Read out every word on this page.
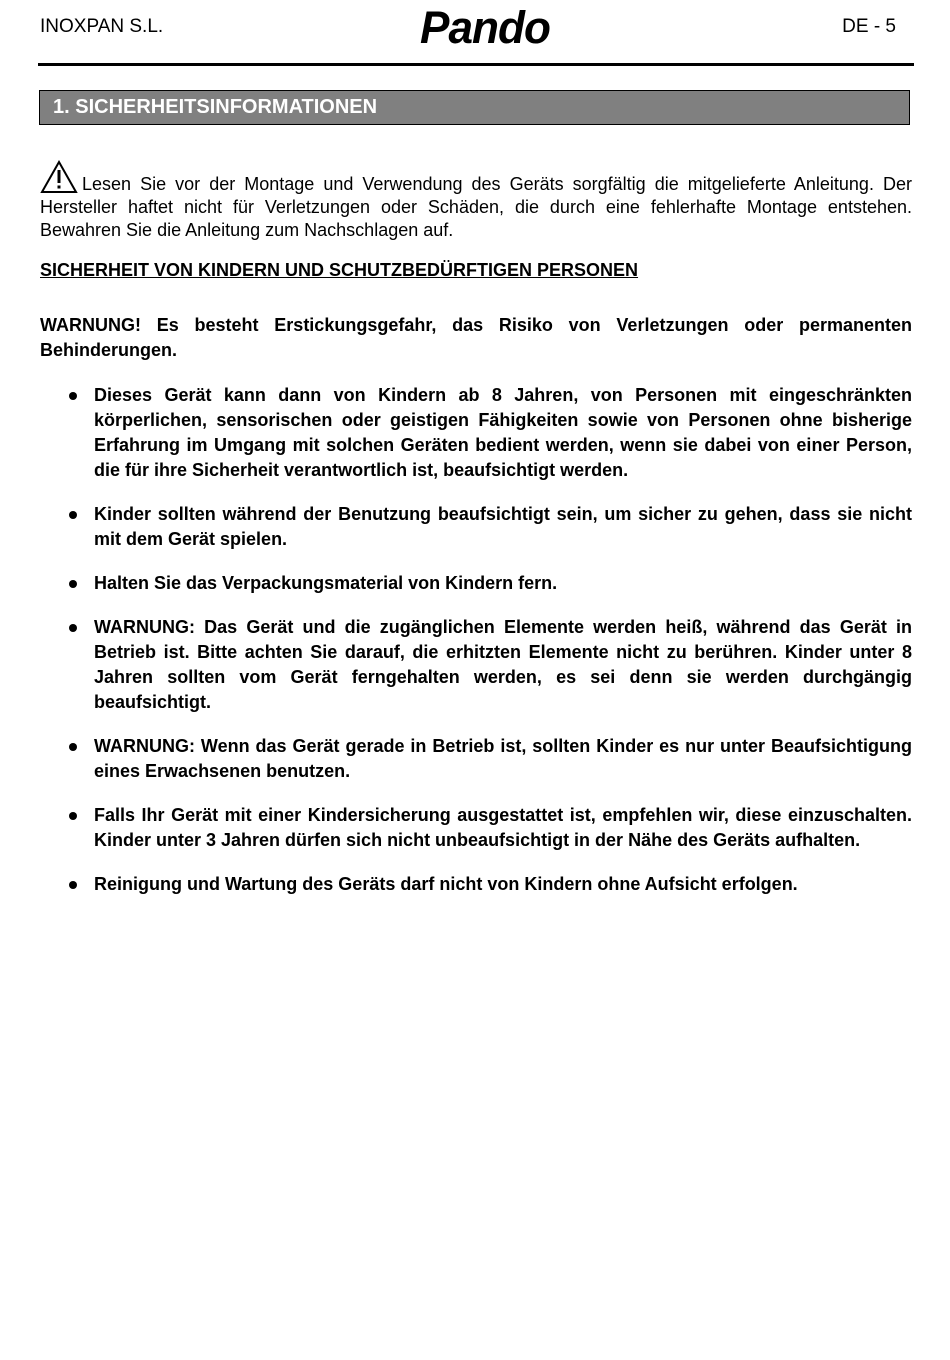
INOXPAN S.L.	Pando	DE - 5
1. SICHERHEITSINFORMATIONEN
Lesen Sie vor der Montage und Verwendung des Geräts sorgfältig die mitgelieferte Anleitung. Der Hersteller haftet nicht für Verletzungen oder Schäden, die durch eine fehlerhafte Montage entstehen. Bewahren Sie die Anleitung zum Nachschlagen auf.
SICHERHEIT VON KINDERN UND SCHUTZBEDÜRFTIGEN PERSONEN
WARNUNG! Es besteht Erstickungsgefahr, das Risiko von Verletzungen oder permanenten Behinderungen.
Dieses Gerät kann dann von Kindern ab 8 Jahren, von Personen mit eingeschränkten körperlichen, sensorischen oder geistigen Fähigkeiten sowie von Personen ohne bisherige Erfahrung im Umgang mit solchen Geräten bedient werden, wenn sie dabei von einer Person, die für ihre Sicherheit verantwortlich ist, beaufsichtigt werden.
Kinder sollten während der Benutzung beaufsichtigt sein, um sicher zu gehen, dass sie nicht mit dem Gerät spielen.
Halten Sie das Verpackungsmaterial von Kindern fern.
WARNUNG: Das Gerät und die zugänglichen Elemente werden heiß, während das Gerät in Betrieb ist. Bitte achten Sie darauf, die erhitzten Elemente nicht zu berühren. Kinder unter 8 Jahren sollten vom Gerät ferngehalten werden, es sei denn sie werden durchgängig beaufsichtigt.
WARNUNG: Wenn das Gerät gerade in Betrieb ist, sollten Kinder es nur unter Beaufsichtigung eines Erwachsenen benutzen.
Falls Ihr Gerät mit einer Kindersicherung ausgestattet ist, empfehlen wir, diese einzuschalten. Kinder unter 3 Jahren dürfen sich nicht unbeaufsichtigt in der Nähe des Geräts aufhalten.
Reinigung und Wartung des Geräts darf nicht von Kindern ohne Aufsicht erfolgen.
